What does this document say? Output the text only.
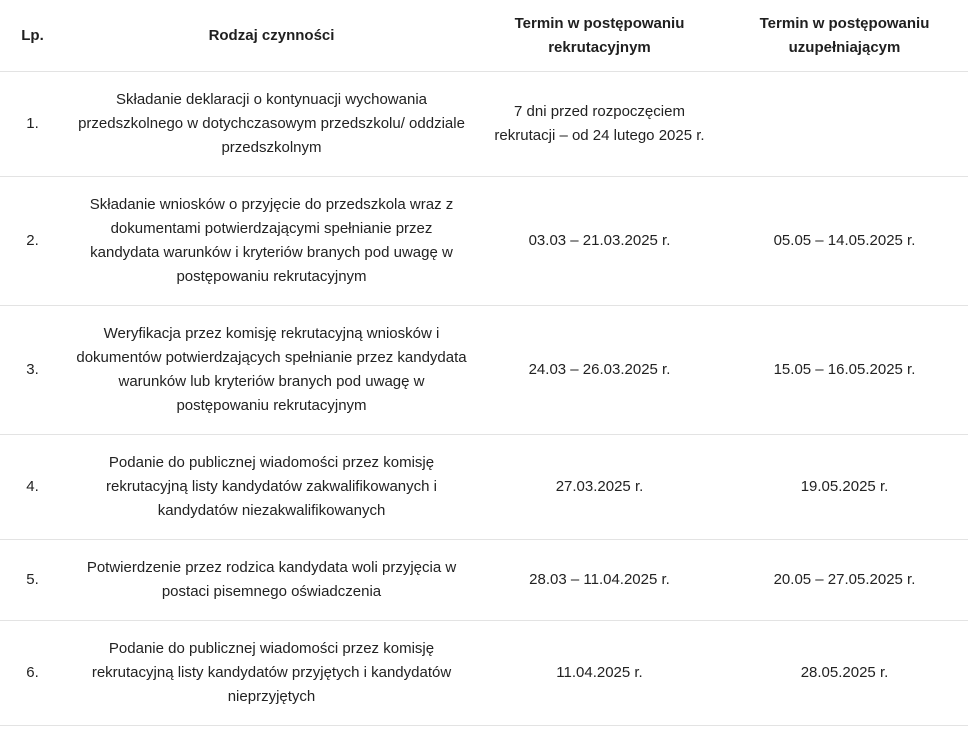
Lp.	Rodzaj czynności	Termin w postępowaniu rekrutacyjnym	Termin w postępowaniu uzupełniającym
1.	Składanie deklaracji o kontynuacji wychowania przedszkolnego w dotychczasowym przedszkolu/ oddziale przedszkolnym	7 dni przed rozpoczęciem rekrutacji – od 24 lutego 2025 r.	
2.	Składanie wniosków o przyjęcie do przedszkola wraz z dokumentami potwierdzającymi spełnianie przez kandydata warunków i kryteriów branych pod uwagę w postępowaniu rekrutacyjnym	03.03 – 21.03.2025 r.	05.05 – 14.05.2025 r.
3.	Weryfikacja przez komisję rekrutacyjną wniosków i dokumentów potwierdzających spełnianie przez kandydata warunków lub kryteriów branych pod uwagę w postępowaniu rekrutacyjnym	24.03 – 26.03.2025 r.	15.05 – 16.05.2025 r.
4.	Podanie do publicznej wiadomości przez komisję rekrutacyjną listy kandydatów zakwalifikowanych i kandydatów niezakwalifikowanych	27.03.2025 r.	19.05.2025 r.
5.	Potwierdzenie przez rodzica kandydata woli przyjęcia w postaci pisemnego oświadczenia	28.03 – 11.04.2025 r.	20.05 – 27.05.2025 r.
6.	Podanie do publicznej wiadomości przez komisję rekrutacyjną listy kandydatów przyjętych i kandydatów nieprzyjętych	11.04.2025 r.	28.05.2025 r.
